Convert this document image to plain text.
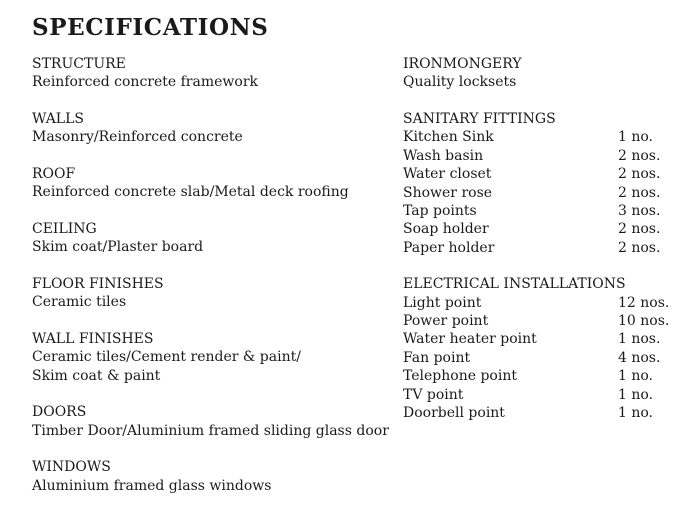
SPECIFICATIONS
STRUCTURE
Reinforced concrete framework
WALLS
Masonry/Reinforced concrete
ROOF
Reinforced concrete slab/Metal deck roofing
CEILING
Skim coat/Plaster board
FLOOR FINISHES
Ceramic tiles
WALL FINISHES
Ceramic tiles/Cement render & paint/
Skim coat & paint
DOORS
Timber Door/Aluminium framed sliding glass door
WINDOWS
Aluminium framed glass windows
IRONMONGERY
Quality locksets
SANITARY FITTINGS
Kitchen Sink	1 no.
Wash basin	2 nos.
Water closet	2 nos.
Shower rose	2 nos.
Tap points	3 nos.
Soap holder	2 nos.
Paper holder	2 nos.
ELECTRICAL INSTALLATIONS
Light point	12 nos.
Power point	10 nos.
Water heater point	1 nos.
Fan point	4 nos.
Telephone point	1 no.
TV point	1 no.
Doorbell point	1 no.
